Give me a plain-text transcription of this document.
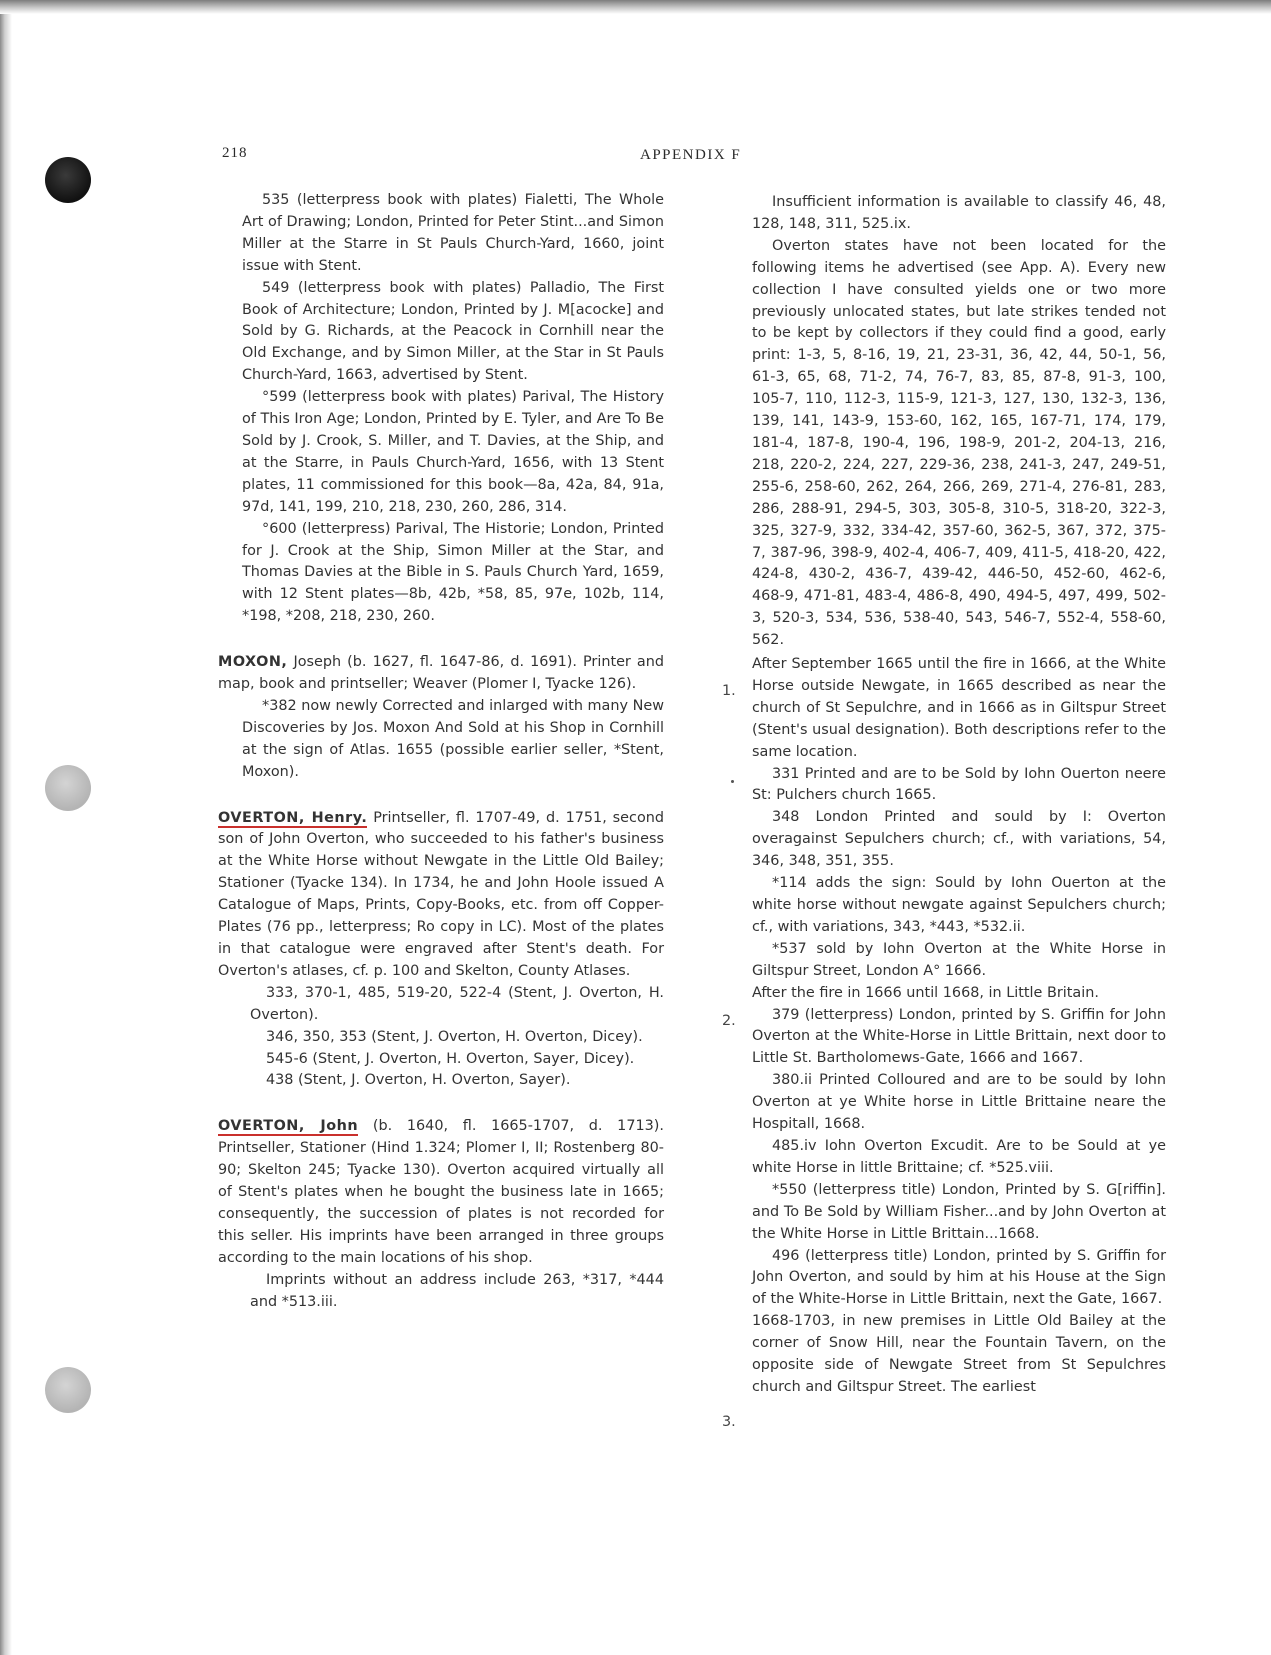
218	APPENDIX F

535 (letterpress book with plates) Fialetti, The Whole Art of Drawing; London, Printed for Peter Stint...and Simon Miller at the Starre in St Pauls Church-Yard, 1660, joint issue with Stent.

549 (letterpress book with plates) Palladio, The First Book of Architecture; London, Printed by J. M[acocke] and Sold by G. Richards, at the Peacock in Cornhill near the Old Exchange, and by Simon Miller, at the Star in St Pauls Church-Yard, 1663, advertised by Stent.

°599 (letterpress book with plates) Parival, The History of This Iron Age; London, Printed by E. Tyler, and Are To Be Sold by J. Crook, S. Miller, and T. Davies, at the Ship, and at the Starre, in Pauls Church-Yard, 1656, with 13 Stent plates, 11 commissioned for this book—8a, 42a, 84, 91a, 97d, 141, 199, 210, 218, 230, 260, 286, 314.

°600 (letterpress) Parival, The Historie; London, Printed for J. Crook at the Ship, Simon Miller at the Star, and Thomas Davies at the Bible in S. Pauls Church Yard, 1659, with 12 Stent plates—8b, 42b, *58, 85, 97e, 102b, 114, *198, *208, 218, 230, 260.

MOXON, Joseph (b. 1627, fl. 1647-86, d. 1691). Printer and map, book and printseller; Weaver (Plomer I, Tyacke 126).

*382 now newly Corrected and inlarged with many New Discoveries by Jos. Moxon And Sold at his Shop in Cornhill at the sign of Atlas. 1655 (possible earlier seller, *Stent, Moxon).

OVERTON, Henry. Printseller, fl. 1707-49, d. 1751, second son of John Overton, who succeeded to his father's business at the White Horse without Newgate in the Little Old Bailey; Stationer (Tyacke 134). In 1734, he and John Hoole issued A Catalogue of Maps, Prints, Copy-Books, etc. from off Copper-Plates (76 pp., letterpress; Ro copy in LC). Most of the plates in that catalogue were engraved after Stent's death. For Overton's atlases, cf. p. 100 and Skelton, County Atlases.

333, 370-1, 485, 519-20, 522-4 (Stent, J. Overton, H. Overton).

346, 350, 353 (Stent, J. Overton, H. Overton, Dicey).

545-6 (Stent, J. Overton, H. Overton, Sayer, Dicey).

438 (Stent, J. Overton, H. Overton, Sayer).

OVERTON, John (b. 1640, fl. 1665-1707, d. 1713). Printseller, Stationer (Hind 1.324; Plomer I, II; Rostenberg 80-90; Skelton 245; Tyacke 130). Overton acquired virtually all of Stent's plates when he bought the business late in 1665; consequently, the succession of plates is not recorded for this seller. His imprints have been arranged in three groups according to the main locations of his shop.

Imprints without an address include 263, *317, *444 and *513.iii.

Insufficient information is available to classify 46, 48, 128, 148, 311, 525.ix.

Overton states have not been located for the following items he advertised (see App. A). Every new collection I have consulted yields one or two more previously unlocated states, but late strikes tended not to be kept by collectors if they could find a good, early print: 1-3, 5, 8-16, 19, 21, 23-31, 36, 42, 44, 50-1, 56, 61-3, 65, 68, 71-2, 74, 76-7, 83, 85, 87-8, 91-3, 100, 105-7, 110, 112-3, 115-9, 121-3, 127, 130, 132-3, 136, 139, 141, 143-9, 153-60, 162, 165, 167-71, 174, 179, 181-4, 187-8, 190-4, 196, 198-9, 201-2, 204-13, 216, 218, 220-2, 224, 227, 229-36, 238, 241-3, 247, 249-51, 255-6, 258-60, 262, 264, 266, 269, 271-4, 276-81, 283, 286, 288-91, 294-5, 303, 305-8, 310-5, 318-20, 322-3, 325, 327-9, 332, 334-42, 357-60, 362-5, 367, 372, 375-7, 387-96, 398-9, 402-4, 406-7, 409, 411-5, 418-20, 422, 424-8, 430-2, 436-7, 439-42, 446-50, 452-60, 462-6, 468-9, 471-81, 483-4, 486-8, 490, 494-5, 497, 499, 502-3, 520-3, 534, 536, 538-40, 543, 546-7, 552-4, 558-60, 562.

After September 1665 until the fire in 1666, at the White Horse outside Newgate, in 1665 described as near the church of St Sepulchre, and in 1666 as in Giltspur Street (Stent's usual designation). Both descriptions refer to the same location.

331 Printed and are to be Sold by Iohn Ouerton neere St: Pulchers church 1665.

348 London Printed and sould by I: Overton overagainst Sepulchers church; cf., with variations, 54, 346, 348, 351, 355.

*114 adds the sign: Sould by Iohn Ouerton at the white horse without newgate against Sepulchers church; cf., with variations, 343, *443, *532.ii.

*537 sold by Iohn Overton at the White Horse in Giltspur Street, London A° 1666.

After the fire in 1666 until 1668, in Little Britain.

379 (letterpress) London, printed by S. Griffin for John Overton at the White-Horse in Little Brittain, next door to Little St. Bartholomews-Gate, 1666 and 1667.

380.ii Printed Colloured and are to be sould by Iohn Overton at ye White horse in Little Brittaine neare the Hospitall, 1668.

485.iv Iohn Overton Excudit. Are to be Sould at ye white Horse in little Brittaine; cf. *525.viii.

*550 (letterpress title) London, Printed by S. G[riffin]. and To Be Sold by William Fisher...and by John Overton at the White Horse in Little Brittain...1668.

496 (letterpress title) London, printed by S. Griffin for John Overton, and sould by him at his House at the Sign of the White-Horse in Little Brittain, next the Gate, 1667.

1668-1703, in new premises in Little Old Bailey at the corner of Snow Hill, near the Fountain Tavern, on the opposite side of Newgate Street from St Sepulchres church and Giltspur Street. The earliest

1.
2.
3.
